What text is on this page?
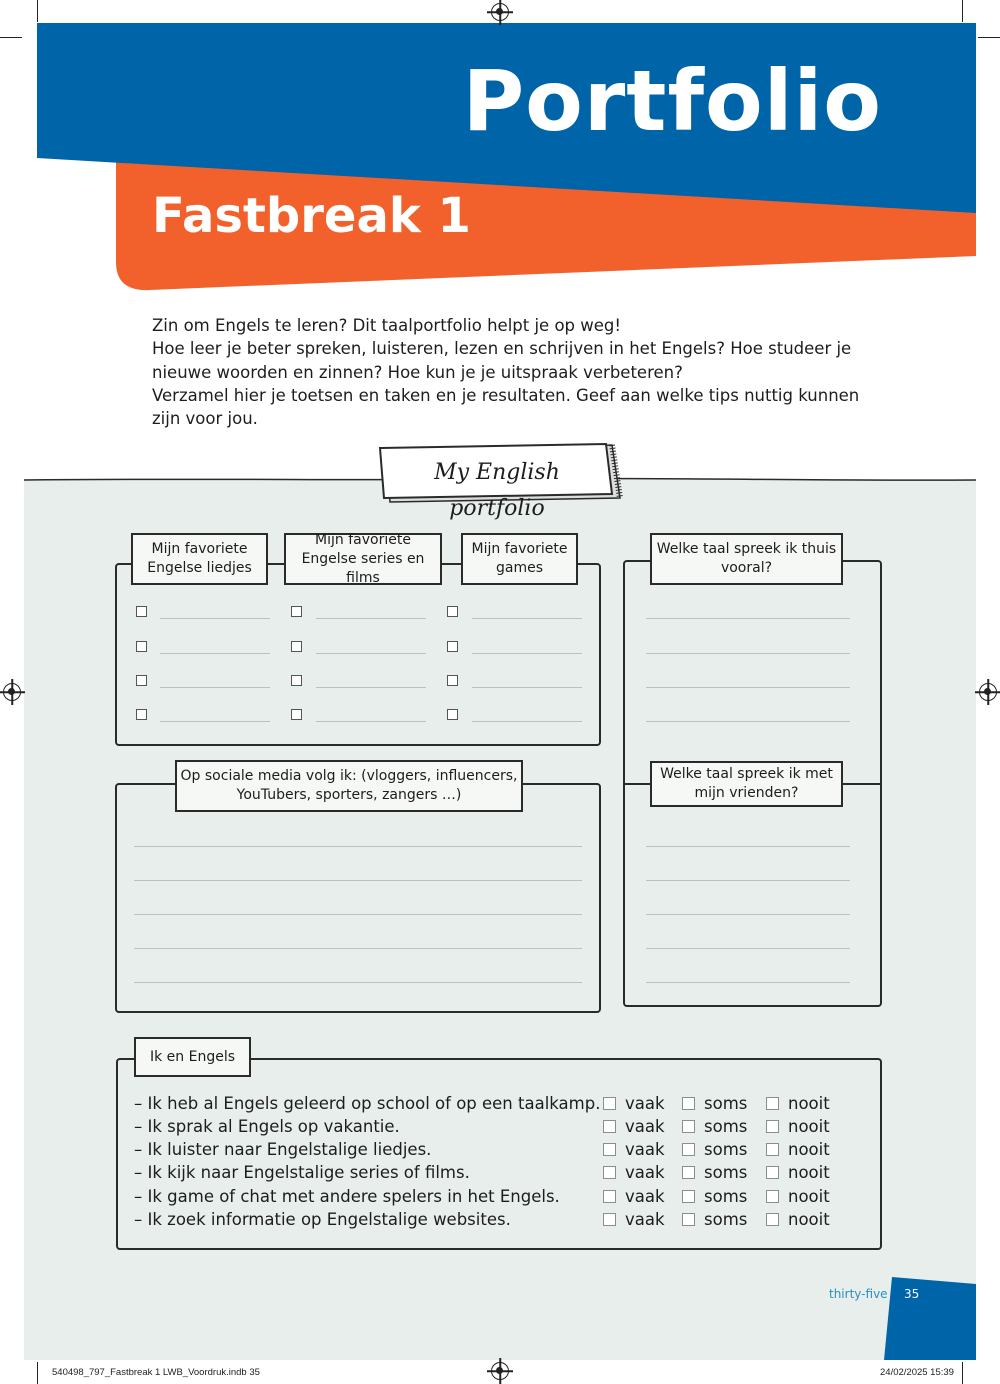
Portfolio
Fastbreak 1

Zin om Engels te leren? Dit taalportfolio helpt je op weg!

Hoe leer je beter spreken, luisteren, lezen en schrijven in het Engels? Hoe studeer je nieuwe woorden en zinnen? Hoe kun je je uitspraak verbeteren?

Verzamel hier je toetsen en taken en je resultaten. Geef aan welke tips nuttig kunnen zijn voor jou.

My English portfolio
Mijn favoriete Engelse liedjes
Mijn favoriete Engelse series en films
Mijn favoriete games
Welke taal spreek ik thuis vooral?
Welke taal spreek ik met mijn vrienden?
Op sociale media volg ik: (vloggers, influencers, YouTubers, sporters, zangers …)
Ik en Engels
– Ik heb al Engels geleerd op school of op een taalkamp.
– Ik sprak al Engels op vakantie.
– Ik luister naar Engelstalige liedjes.
– Ik kijk naar Engelstalige series of films.
– Ik game of chat met andere spelers in het Engels.
– Ik zoek informatie op Engelstalige websites.
vaak soms nooit
vaak soms nooit
vaak soms nooit
vaak soms nooit
vaak soms nooit
vaak soms nooit
thirty-five 35
540498_797_Fastbreak 1 LWB_Voordruk.indb 35	24/02/2025 15:39
